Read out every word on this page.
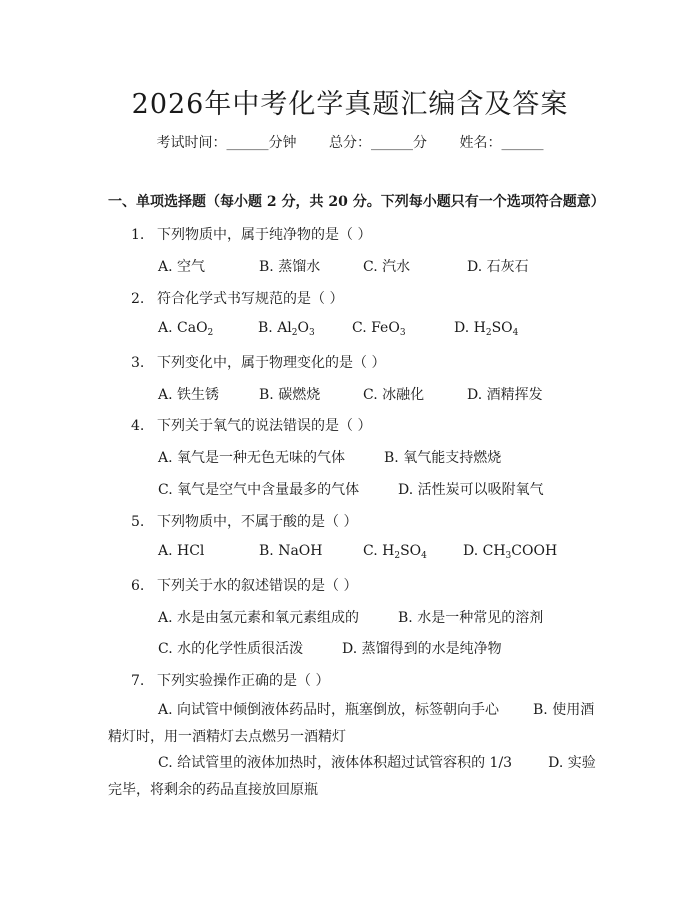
2026年中考化学真题汇编含及答案
考试时间：______分钟 总分：______分 姓名：______
一、单项选择题（每小题 2 分，共 20 分。下列每小题只有一个选项符合题意）
1. 下列物质中，属于纯净物的是（ ）
A. 空气	B. 蒸馏水	C. 汽水	D. 石灰石
2. 符合化学式书写规范的是（ ）
A. CaO$_2$	B. $Al_2O_3$	C. FeO$_3$	D. $H_2SO_4$
3. 下列变化中，属于物理变化的是（ ）
A. 铁生锈	B. 碳燃烧	C. 冰融化	D. 酒精挥发
4. 下列关于氧气的说法错误的是（ ）
A. 氧气是一种无色无味的气体	B. 氧气能支持燃烧
C. 氧气是空气中含量最多的气体	D. 活性炭可以吸附氧气
5. 下列物质中，不属于酸的是（ ）
A. HCl	B. NaOH	C. $H_2SO_4$	D. $CH_3COOH$
6. 下列关于水的叙述错误的是（ ）
A. 水是由氢元素和氧元素组成的	B. 水是一种常见的溶剂
C. 水的化学性质很活泼	D. 蒸馏得到的水是纯净物
7. 下列实验操作正确的是（ ）
A. 向试管中倾倒液体药品时，瓶塞倒放，标签朝向手心 B. 使用酒精灯时，用一酒精灯去点燃另一酒精灯
C. 给试管里的液体加热时，液体体积超过试管容积的 1/3	D. 实验完毕，将剩余的药品直接放回原瓶
